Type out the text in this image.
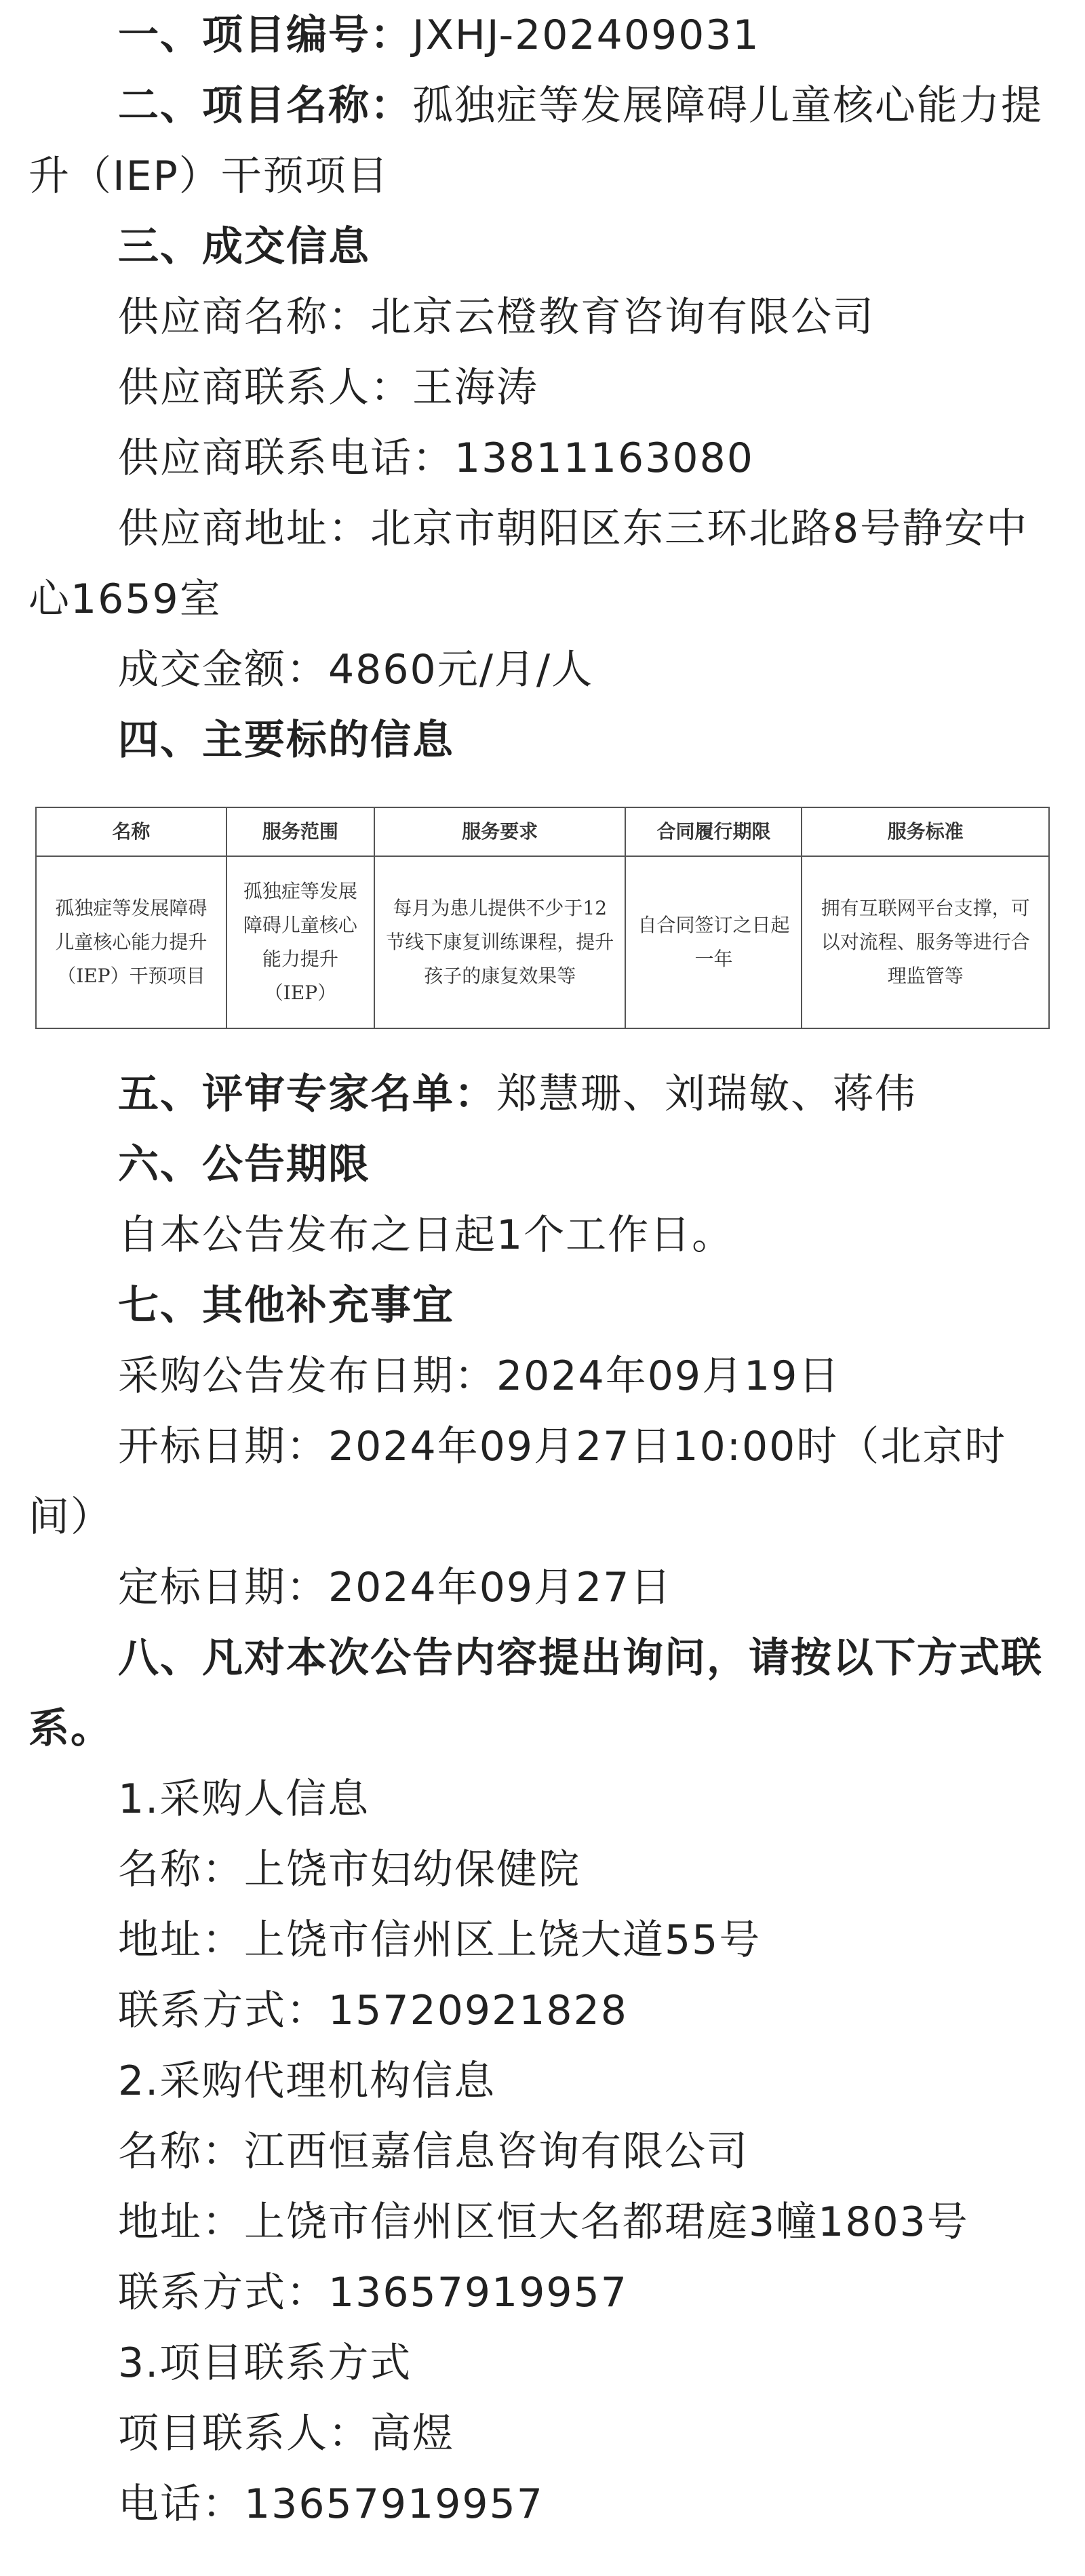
一、项目编号：JXHJ-202409031

二、项目名称：孤独症等发展障碍儿童核心能力提升（IEP）干预项目

三、成交信息

供应商名称：北京云橙教育咨询有限公司

供应商联系人：王海涛

供应商联系电话：13811163080

供应商地址：北京市朝阳区东三环北路8号静安中心1659室

成交金额：4860元/月/人

四、主要标的信息

名称	服务范围	服务要求	合同履行期限	服务标准
孤独症等发展障碍儿童核心能力提升（IEP）干预项目	孤独症等发展障碍儿童核心能力提升（IEP）	每月为患儿提供不少于12节线下康复训练课程，提升孩子的康复效果等	自合同签订之日起一年	拥有互联网平台支撑，可以对流程、服务等进行合理监管等

五、评审专家名单：郑慧珊、刘瑞敏、蒋伟

六、公告期限

自本公告发布之日起1个工作日。

七、其他补充事宜

采购公告发布日期：2024年09月19日

开标日期：2024年09月27日10:00时（北京时间）

定标日期：2024年09月27日

八、凡对本次公告内容提出询问，请按以下方式联系。

1.采购人信息

名称：上饶市妇幼保健院

地址：上饶市信州区上饶大道55号

联系方式：15720921828

2.采购代理机构信息

名称：江西恒嘉信息咨询有限公司

地址：上饶市信州区恒大名都珺庭3幢1803号

联系方式：13657919957

3.项目联系方式

项目联系人：高煜

电话：13657919957
